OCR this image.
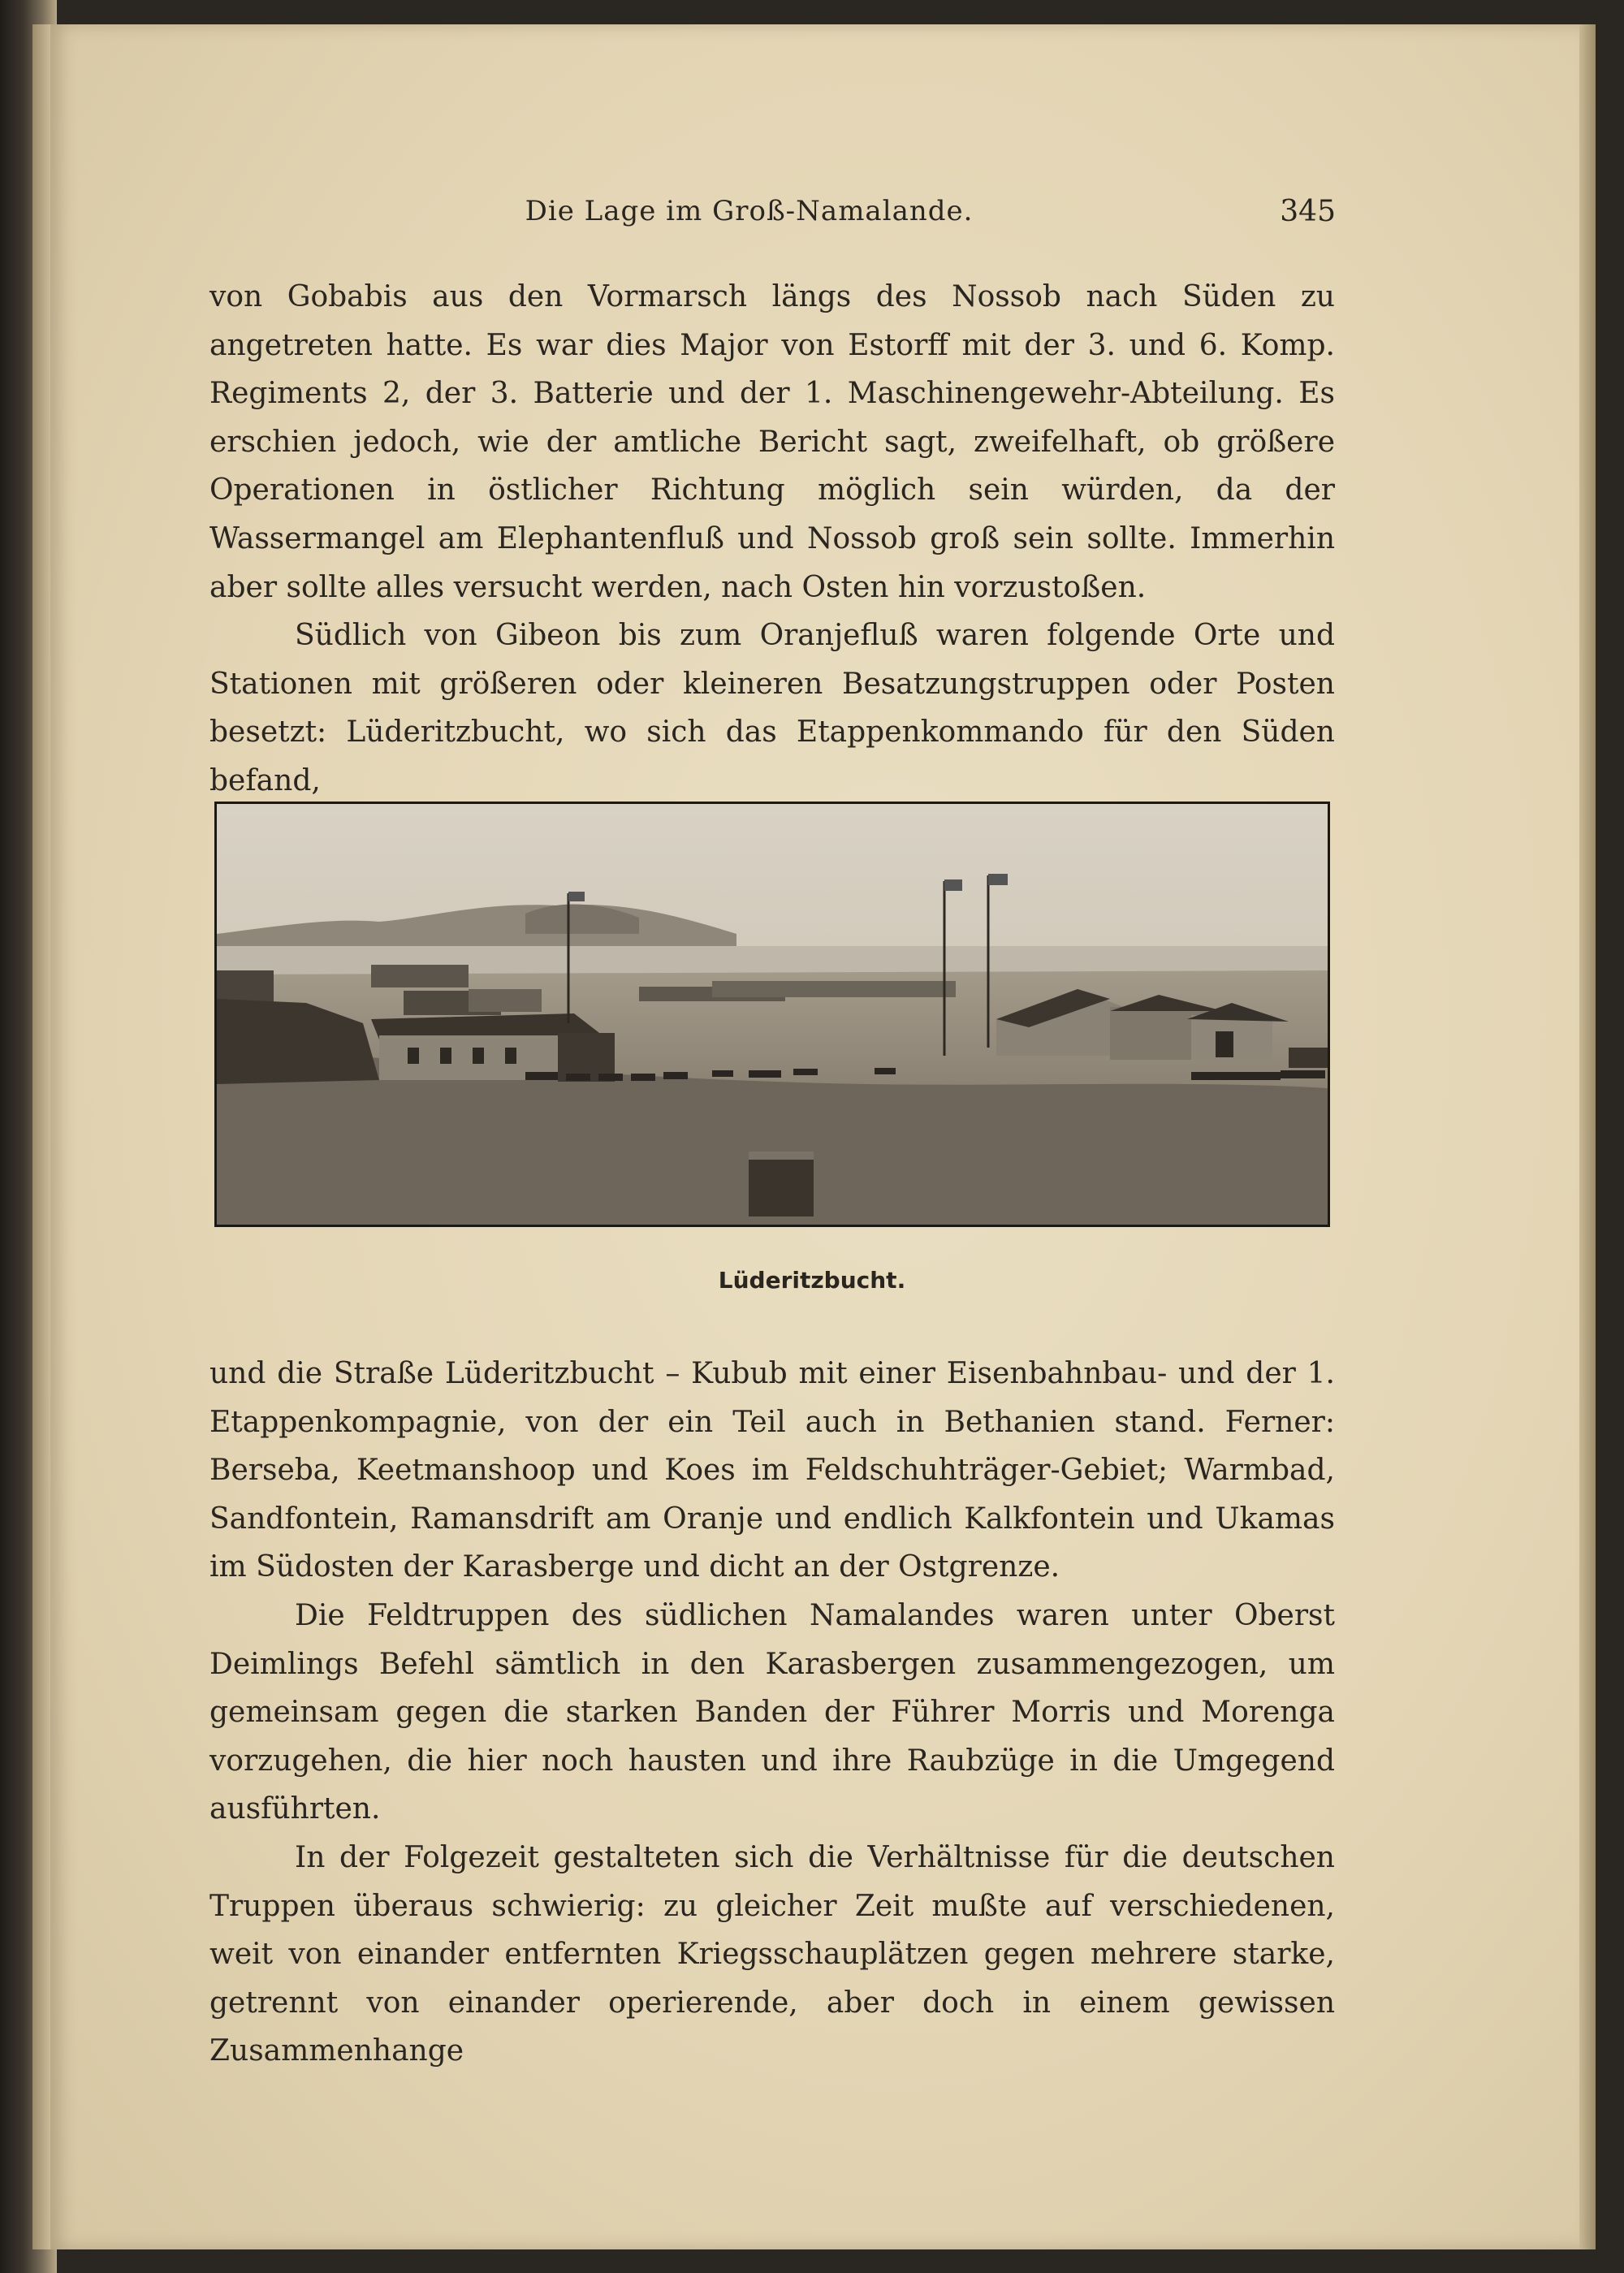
Die Lage im Groß-Namalande.	345

von Gobabis aus den Vormarsch längs des Nossob nach Süden zu angetreten hatte. Es war dies Major von Estorff mit der 3. und 6. Komp. Regiments 2, der 3. Batterie und der 1. Maschinengewehr-Abteilung. Es erschien jedoch, wie der amtliche Bericht sagt, zweifelhaft, ob größere Operationen in östlicher Richtung möglich sein würden, da der Wassermangel am Elephantenfluß und Nossob groß sein sollte. Immerhin aber sollte alles versucht werden, nach Osten hin vorzustoßen.

Südlich von Gibeon bis zum Oranjefluß waren folgende Orte und Stationen mit größeren oder kleineren Besatzungstruppen oder Posten besetzt: Lüderitzbucht, wo sich das Etappenkommando für den Süden befand,

Lüderitzbucht.

und die Straße Lüderitzbucht – Kubub mit einer Eisenbahnbau- und der 1. Etappenkompagnie, von der ein Teil auch in Bethanien stand. Ferner: Berseba, Keetmanshoop und Koes im Feldschuhträger-Gebiet; Warmbad, Sandfontein, Ramansdrift am Oranje und endlich Kalkfontein und Ukamas im Südosten der Karasberge und dicht an der Ostgrenze.

Die Feldtruppen des südlichen Namalandes waren unter Oberst Deimlings Befehl sämtlich in den Karasbergen zusammengezogen, um gemeinsam gegen die starken Banden der Führer Morris und Morenga vorzugehen, die hier noch hausten und ihre Raubzüge in die Umgegend ausführten.

In der Folgezeit gestalteten sich die Verhältnisse für die deutschen Truppen überaus schwierig: zu gleicher Zeit mußte auf verschiedenen, weit von einander entfernten Kriegsschauplätzen gegen mehrere starke, getrennt von einander operierende, aber doch in einem gewissen Zusammenhange
